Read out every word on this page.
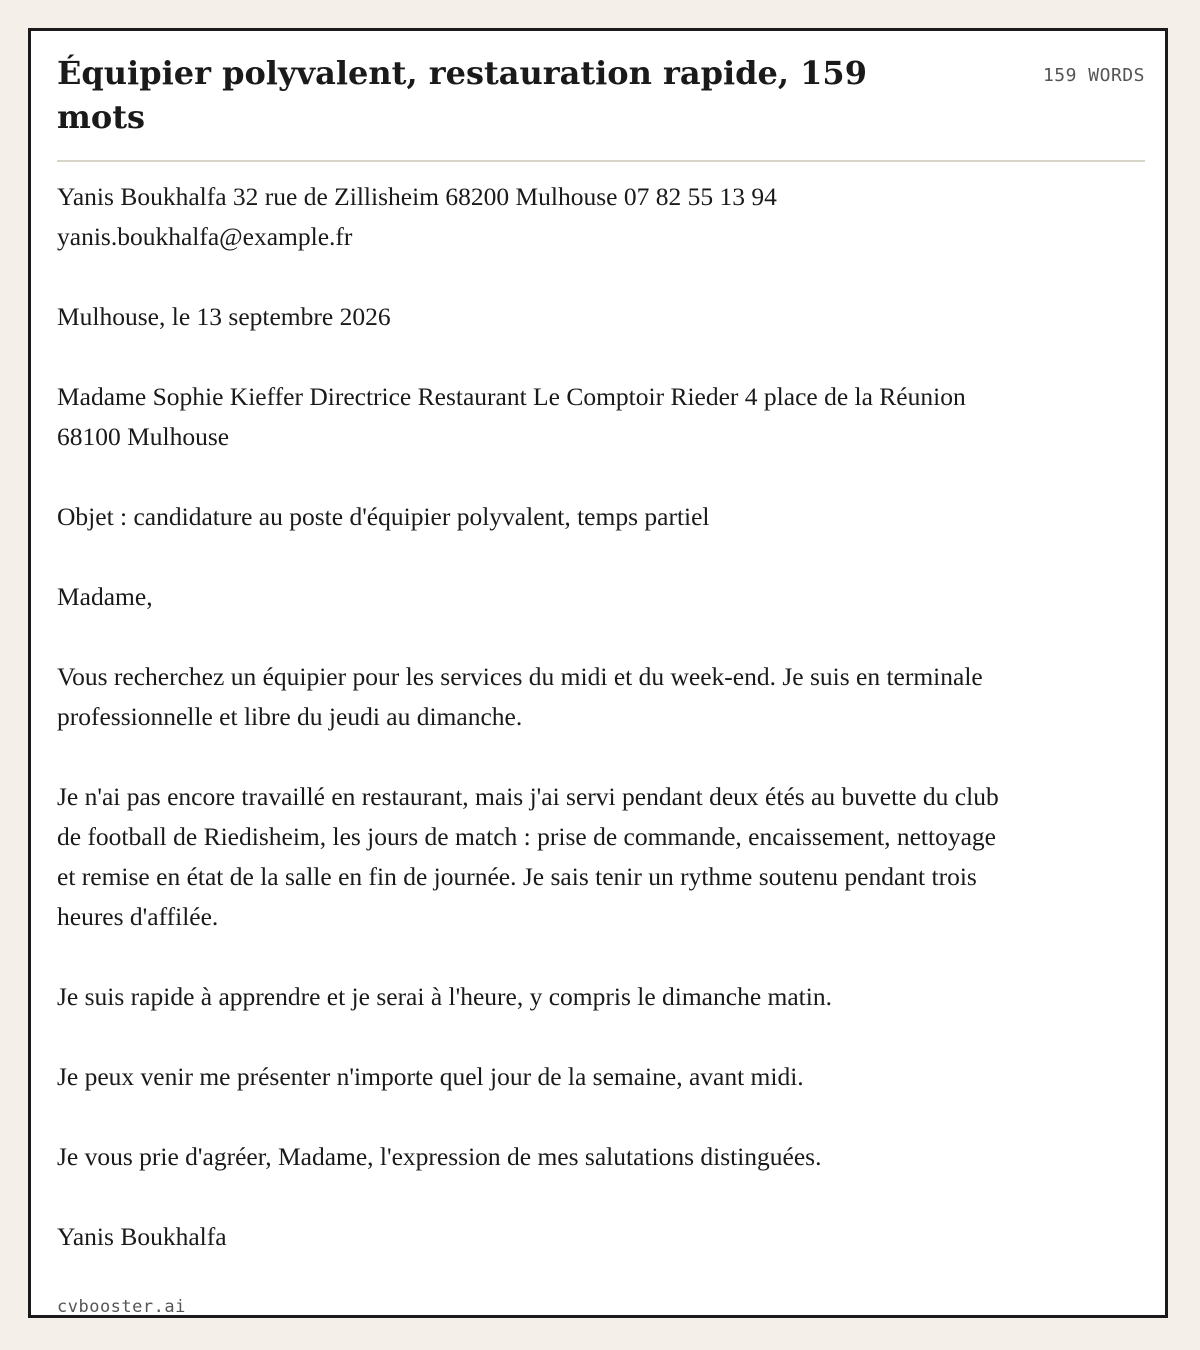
Équipier polyvalent, restauration rapide, 159 mots
159 WORDS

Yanis Boukhalfa 32 rue de Zillisheim 68200 Mulhouse 07 82 55 13 94 yanis.boukhalfa@example.fr

Mulhouse, le 13 septembre 2026

Madame Sophie Kieffer Directrice Restaurant Le Comptoir Rieder 4 place de la Réunion 68100 Mulhouse

Objet : candidature au poste d'équipier polyvalent, temps partiel

Madame,

Vous recherchez un équipier pour les services du midi et du week-end. Je suis en terminale professionnelle et libre du jeudi au dimanche.

Je n'ai pas encore travaillé en restaurant, mais j'ai servi pendant deux étés au buvette du club de football de Riedisheim, les jours de match : prise de commande, encaissement, nettoyage et remise en état de la salle en fin de journée. Je sais tenir un rythme soutenu pendant trois heures d'affilée.

Je suis rapide à apprendre et je serai à l'heure, y compris le dimanche matin.

Je peux venir me présenter n'importe quel jour de la semaine, avant midi.

Je vous prie d'agréer, Madame, l'expression de mes salutations distinguées.

Yanis Boukhalfa

cvbooster.ai
